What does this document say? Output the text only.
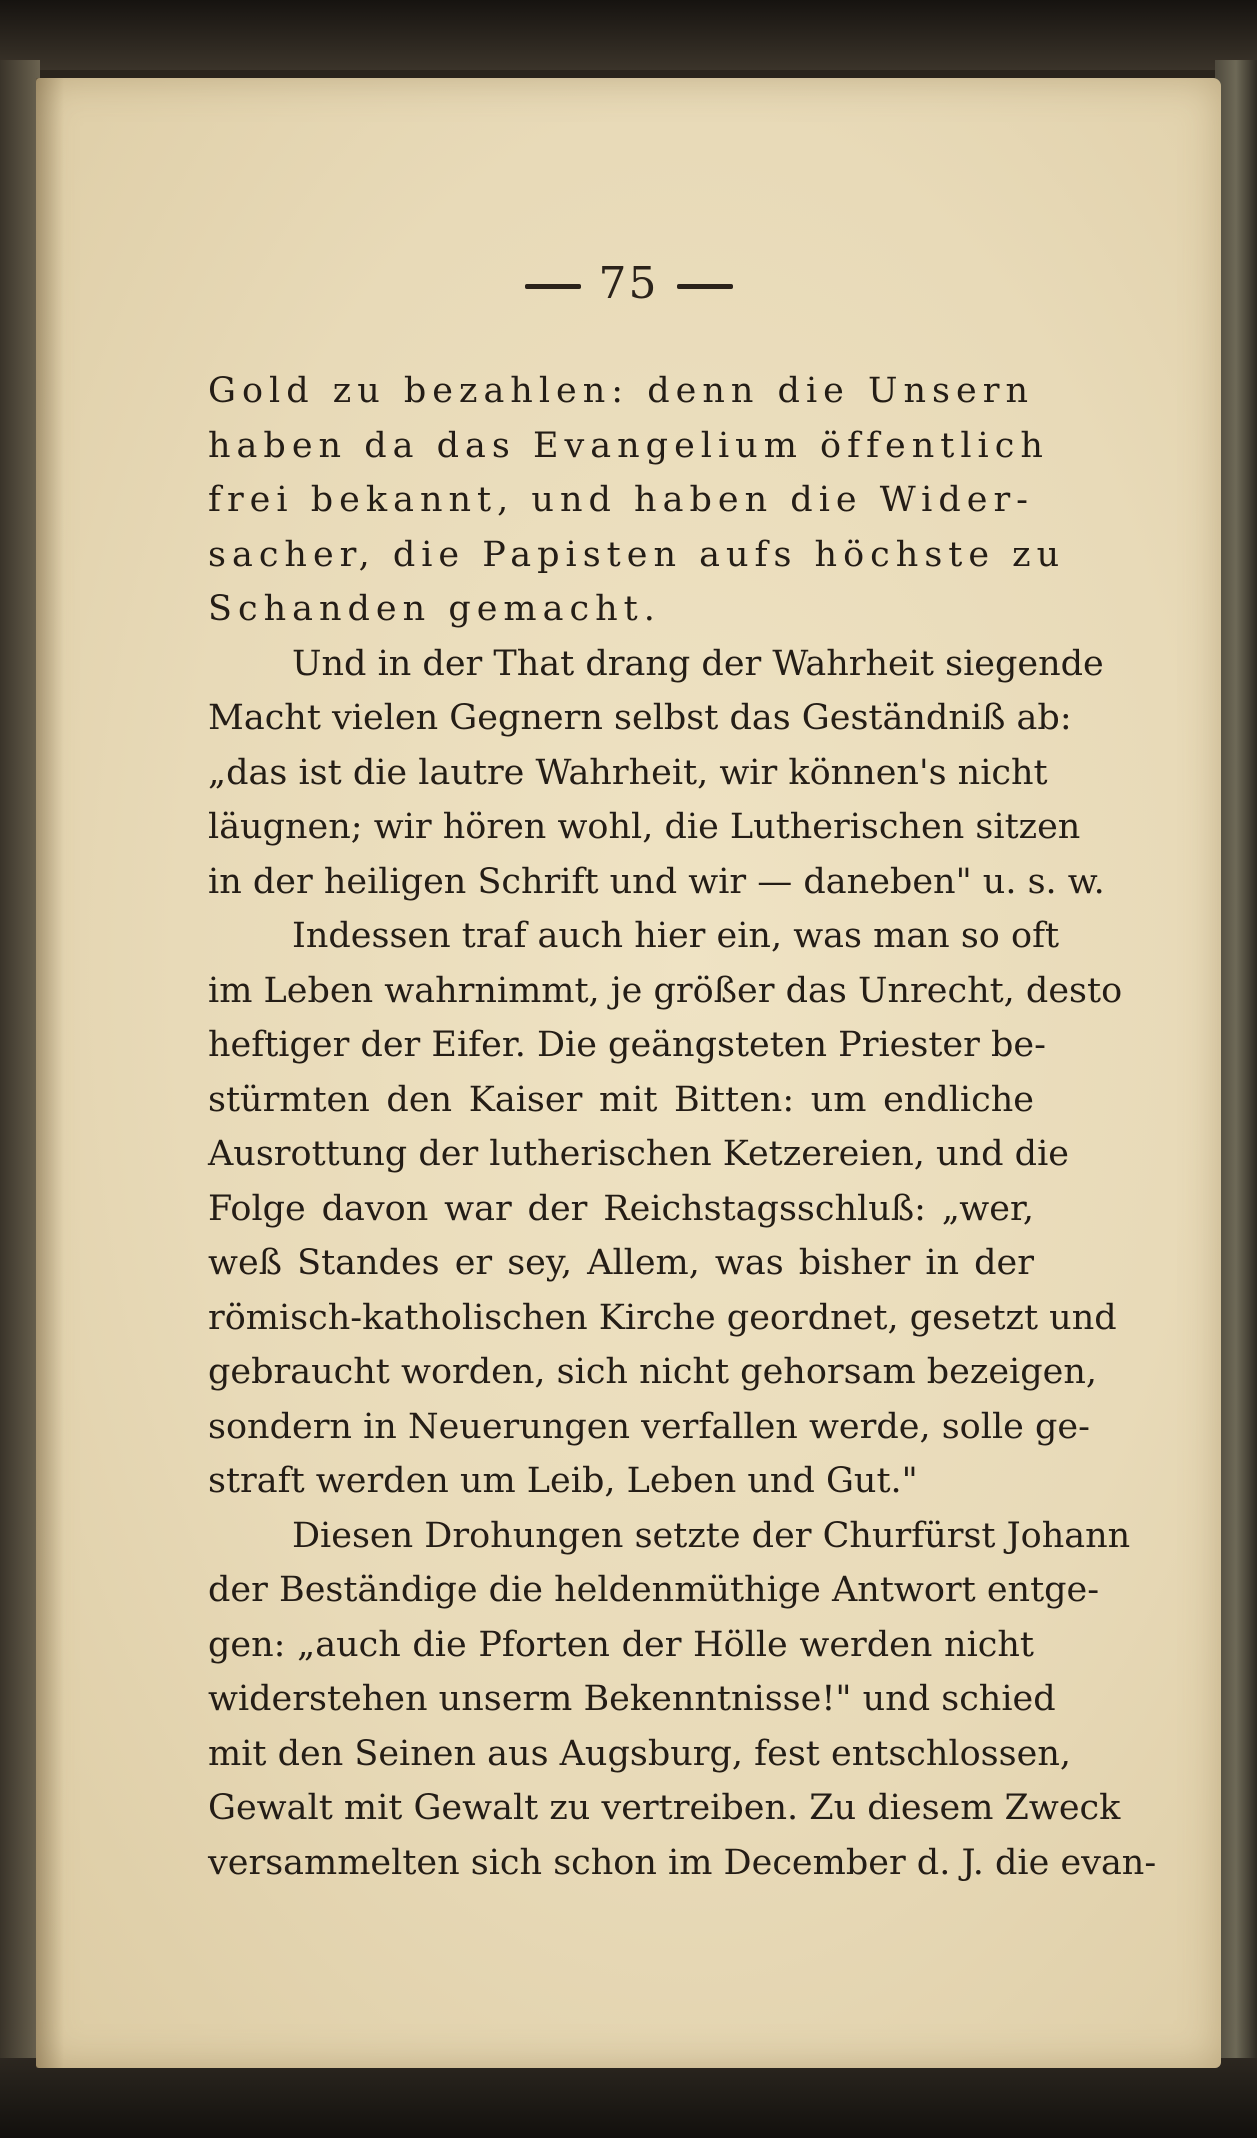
75
Gold zu bezahlen: denn die Unsern
haben da das Evangelium öffentlich
frei bekannt, und haben die Wider-
sacher, die Papisten aufs höchste zu
Schanden gemacht.
Und in der That drang der Wahrheit siegende
Macht vielen Gegnern selbst das Geständniß ab:
„das ist die lautre Wahrheit, wir können's nicht
läugnen; wir hören wohl, die Lutherischen sitzen
in der heiligen Schrift und wir — daneben" u. s. w.
Indessen traf auch hier ein, was man so oft
im Leben wahrnimmt, je größer das Unrecht, desto
heftiger der Eifer. Die geängsteten Priester be-
stürmten den Kaiser mit Bitten: um endliche
Ausrottung der lutherischen Ketzereien, und die
Folge davon war der Reichstagsschluß: „wer,
weß Standes er sey, Allem, was bisher in der
römisch-katholischen Kirche geordnet, gesetzt und
gebraucht worden, sich nicht gehorsam bezeigen,
sondern in Neuerungen verfallen werde, solle ge-
straft werden um Leib, Leben und Gut."
Diesen Drohungen setzte der Churfürst Johann
der Beständige die heldenmüthige Antwort entge-
gen: „auch die Pforten der Hölle werden nicht
widerstehen unserm Bekenntnisse!" und schied
mit den Seinen aus Augsburg, fest entschlossen,
Gewalt mit Gewalt zu vertreiben. Zu diesem Zweck
versammelten sich schon im December d. J. die evan-
